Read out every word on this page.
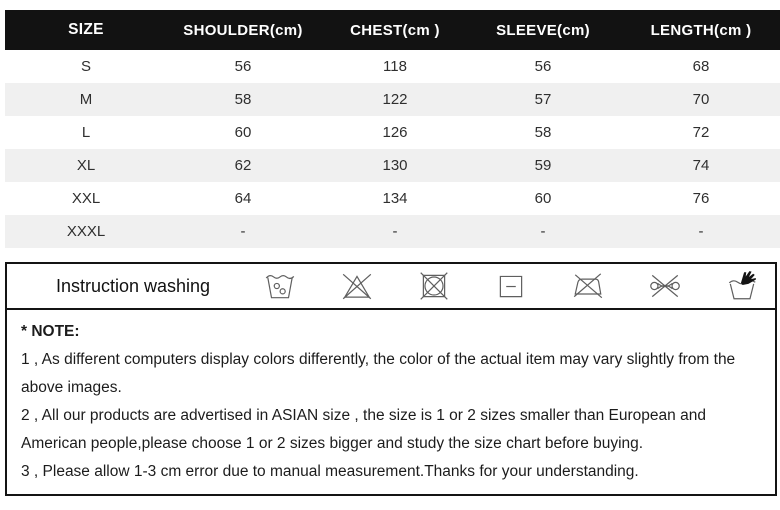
SIZE	SHOULDER(cm)	CHEST(cm )	SLEEVE(cm)	LENGTH(cm )
S	56	118	56	68
M	58	122	57	70
L	60	126	58	72
XL	62	130	59	74
XXL	64	134	60	76
XXXL	-	-	-	-
Instruction washing

* NOTE:

1 , As different computers display colors differently, the color of the actual item may vary slightly from the above images.

2 , All our products are advertised in ASIAN size , the size is 1 or 2 sizes smaller than European and American people,please choose 1 or 2 sizes bigger and study the size chart before buying.

3 , Please allow 1-3 cm error due to manual measurement.Thanks for your understanding.
